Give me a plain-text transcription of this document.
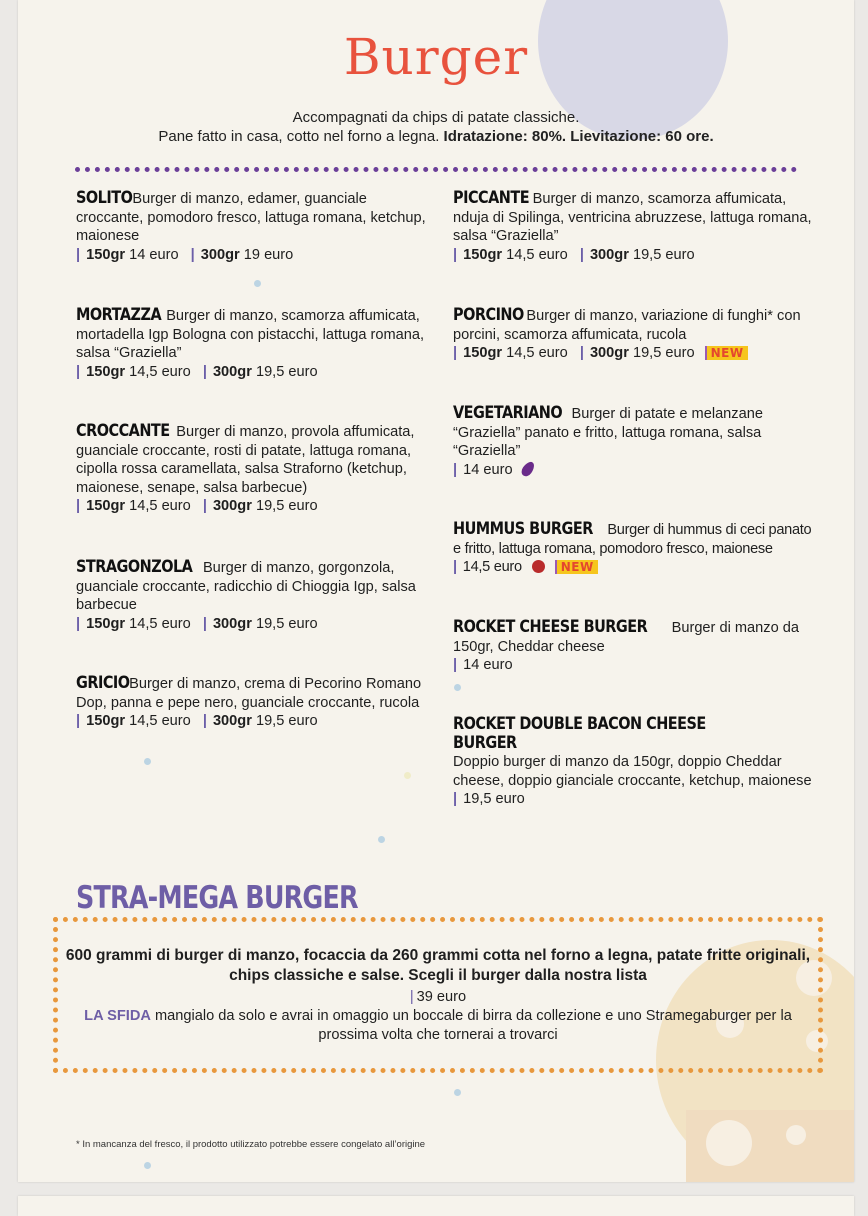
Burger
Accompagnati da chips di patate classiche.
Pane fatto in casa, cotto nel forno a legna. Idratazione: 80%. Lievitazione: 60 ore.
SOLITO Burger di manzo, edamer, guanciale croccante, pomodoro fresco, lattuga romana, ketchup, maionese
| 150gr 14 euro | 300gr 19 euro
MORTAZZA Burger di manzo, scamorza affumicata, mortadella Igp Bologna con pistacchi, lattuga romana, salsa “Graziella”
| 150gr 14,5 euro | 300gr 19,5 euro
CROCCANTE Burger di manzo, provola affumicata, guanciale croccante, rosti di patate, lattuga romana, cipolla rossa caramellata, salsa Straforno (ketchup, maionese, senape, salsa barbecue)
| 150gr 14,5 euro | 300gr 19,5 euro
STRAGONZOLA Burger di manzo, gorgonzola, guanciale croccante, radicchio di Chioggia Igp, salsa barbecue
| 150gr 14,5 euro | 300gr 19,5 euro
GRICIO Burger di manzo, crema di Pecorino Romano Dop, panna e pepe nero, guanciale croccante, rucola
| 150gr 14,5 euro | 300gr 19,5 euro
PICCANTE Burger di manzo, scamorza affumicata, nduja di Spilinga, ventricina abruzzese, lattuga romana, salsa “Graziella”
| 150gr 14,5 euro | 300gr 19,5 euro
PORCINO Burger di manzo, variazione di funghi* con porcini, scamorza affumicata, rucola
| 150gr 14,5 euro | 300gr 19,5 euro NEW
VEGETARIANO Burger di patate e melanzane “Graziella” panato e fritto, lattuga romana, salsa “Graziella”
| 14 euro
HUMMUS BURGER Burger di hummus di ceci panato e fritto, lattuga romana, pomodoro fresco, maionese
| 14,5 euro	NEW
ROCKET CHEESE BURGER Burger di manzo da 150gr, Cheddar cheese
| 14 euro
ROCKET DOUBLE BACON CHEESE BURGER Doppio burger di manzo da 150gr, doppio Cheddar cheese, doppio gianciale croccante, ketchup, maionese
| 19,5 euro
STRA-MEGA BURGER
600 grammi di burger di manzo, focaccia da 260 grammi cotta nel forno a legna, patate fritte originali, chips classiche e salse. Scegli il burger dalla nostra lista
| 39 euro
LA SFIDA mangialo da solo e avrai in omaggio un boccale di birra da collezione e uno Stramegaburger per la prossima volta che tornerai a trovarci
* In mancanza del fresco, il prodotto utilizzato potrebbe essere congelato all’origine
